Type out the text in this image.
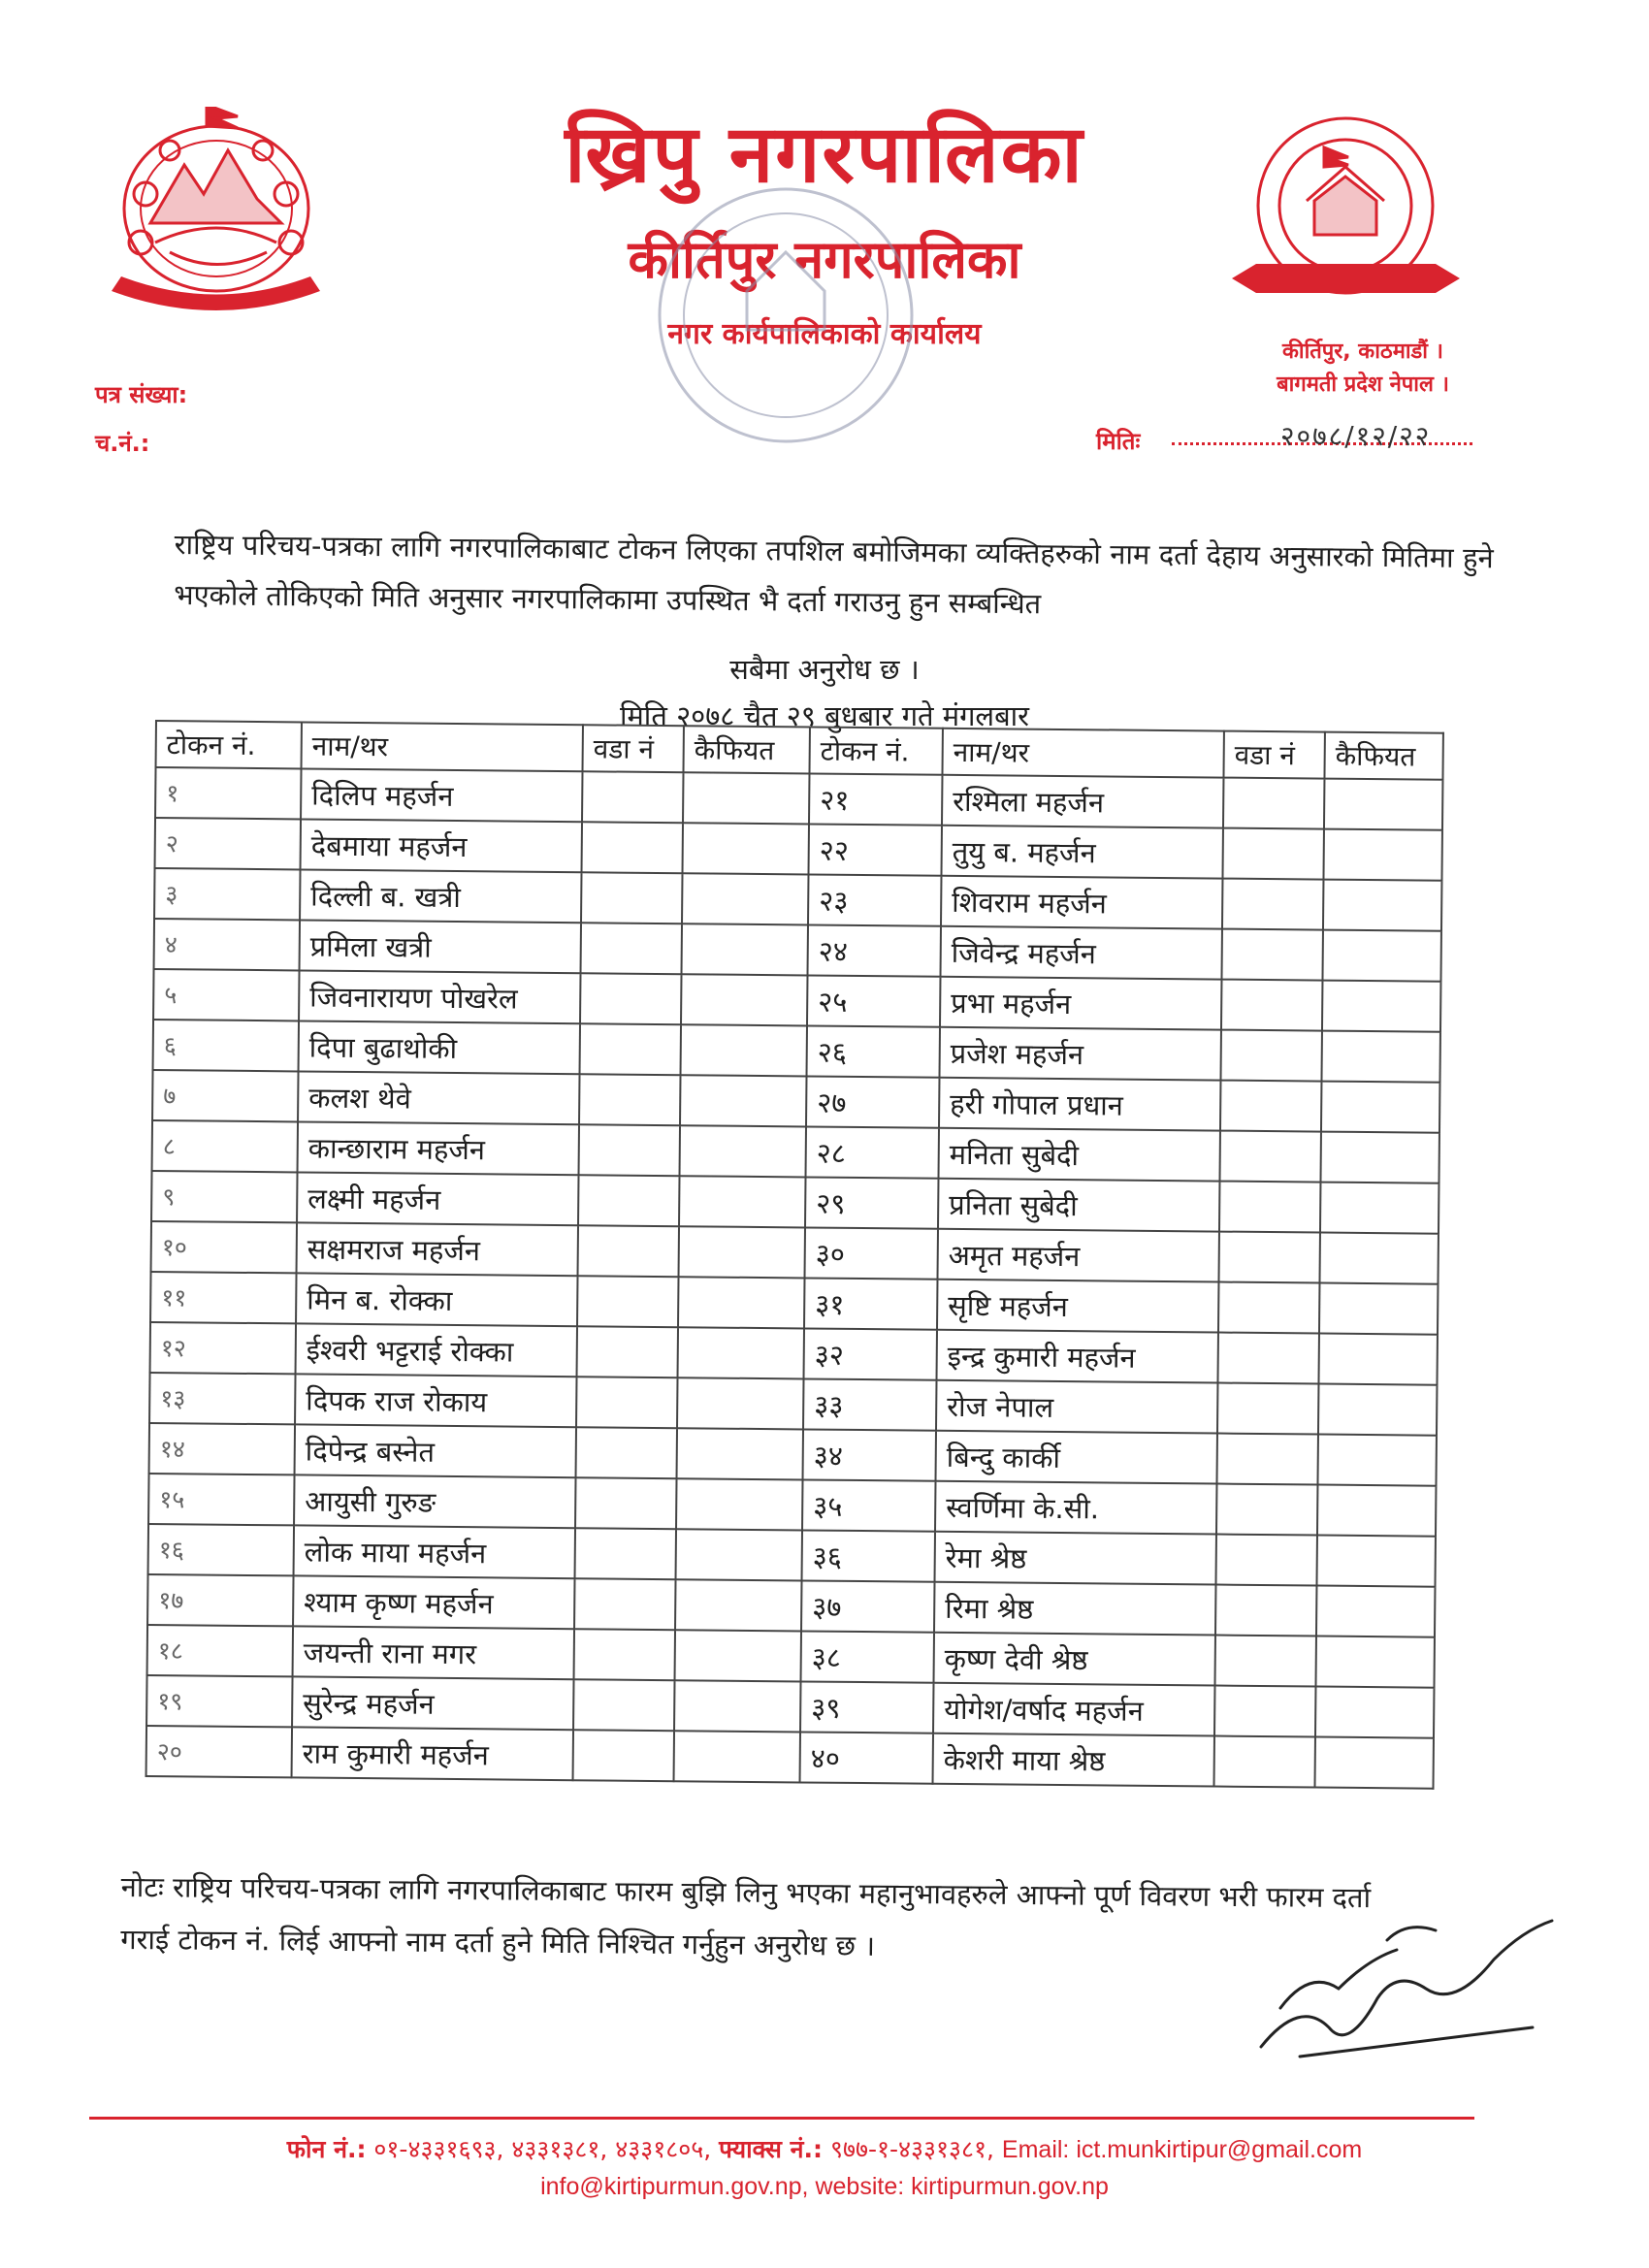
ख्रिपु नगरपालिका
कीर्तिपुर नगरपालिका
नगर कार्यपालिकाको कार्यालय
कीर्तिपुर, काठमाडौं ।
बागमती प्रदेश नेपाल ।
पत्र संख्या:
च.नं.:	मितिः	२०७८/१२/२२
राष्ट्रिय परिचय-पत्रका लागि नगरपालिकाबाट टोकन लिएका तपशिल बमोजिमका व्यक्तिहरुको नाम दर्ता देहाय अनुसारको मितिमा हुने भएकोले तोकिएको मिति अनुसार नगरपालिकामा उपस्थित भै दर्ता गराउनु हुन सम्बन्धित
सबैमा अनुरोध छ ।
मिति २०७८ चैत २९ बुधबार गते मंगलबार
टोकन नं.	नाम/थर	वडा नं	कैफियत	टोकन नं.	नाम/थर	वडा नं	कैफियत
१	दिलिप महर्जन			२१	रश्मिला महर्जन		
२	देबमाया महर्जन			२२	तुयु ब. महर्जन		
३	दिल्ली ब. खत्री			२३	शिवराम महर्जन		
४	प्रमिला खत्री			२४	जिवेन्द्र महर्जन		
५	जिवनारायण पोखरेल			२५	प्रभा महर्जन		
६	दिपा बुढाथोकी			२६	प्रजेश महर्जन		
७	कलश थेवे			२७	हरी गोपाल प्रधान		
८	कान्छाराम महर्जन			२८	मनिता सुबेदी		
९	लक्ष्मी महर्जन			२९	प्रनिता सुबेदी		
१०	सक्षमराज महर्जन			३०	अमृत महर्जन		
११	मिन ब. रोक्का			३१	सृष्टि महर्जन		
१२	ईश्वरी भट्टराई रोक्का			३२	इन्द्र कुमारी महर्जन		
१३	दिपक राज रोकाय			३३	रोज नेपाल		
१४	दिपेन्द्र बस्नेत			३४	बिन्दु कार्की		
१५	आयुसी गुरुङ			३५	स्वर्णिमा के.सी.		
१६	लोक माया महर्जन			३६	रेमा श्रेष्ठ		
१७	श्याम कृष्ण महर्जन			३७	रिमा श्रेष्ठ		
१८	जयन्ती राना मगर			३८	कृष्ण देवी श्रेष्ठ		
१९	सुरेन्द्र महर्जन			३९	योगेश/वर्षाद महर्जन		
२०	राम कुमारी महर्जन			४०	केशरी माया श्रेष्ठ		
नोटः राष्ट्रिय परिचय-पत्रका लागि नगरपालिकाबाट फारम बुझि लिनु भएका महानुभावहरुले आफ्नो पूर्ण विवरण भरी फारम दर्ता गराई टोकन नं. लिई आफ्नो नाम दर्ता हुने मिति निश्चित गर्नुहुन अनुरोध छ ।
फोन नं.: ०१-४३३१६९३, ४३३१३८१, ४३३१८०५, फ्याक्स नं.: ९७७-१-४३३१३८१, Email: ict.munkirtipur@gmail.com
info@kirtipurmun.gov.np, website: kirtipurmun.gov.np
